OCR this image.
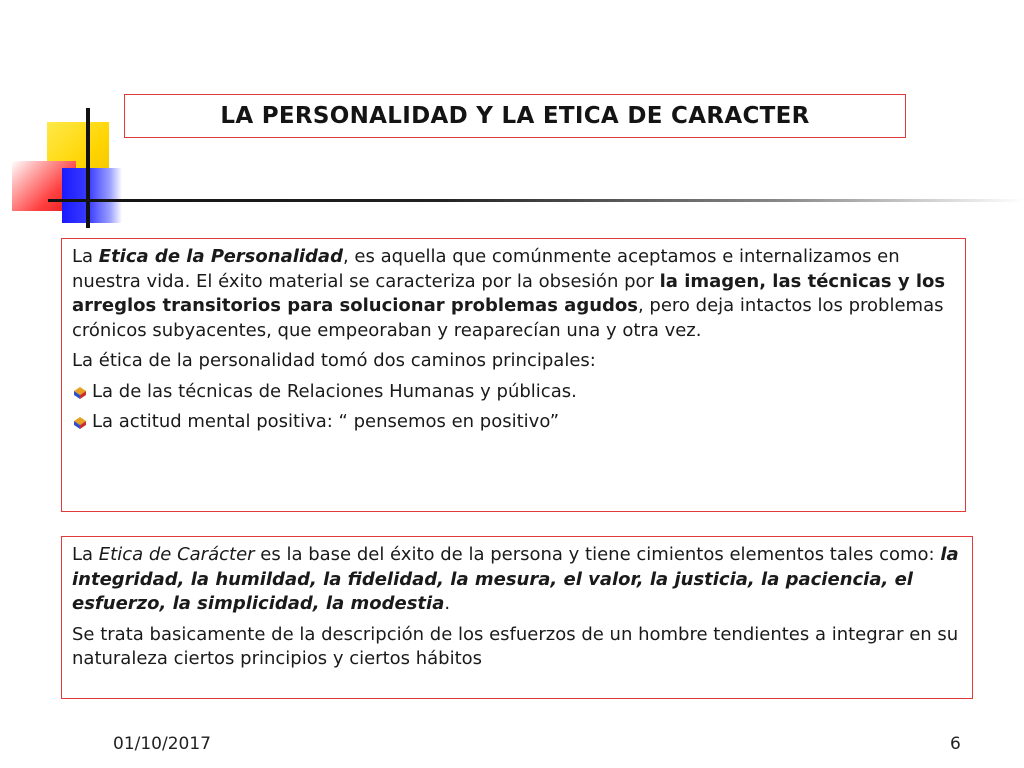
LA PERSONALIDAD Y LA ETICA DE CARACTER

La Etica de la Personalidad, es aquella que comúnmente aceptamos e internalizamos en nuestra vida. El éxito material se caracteriza por la obsesión por la imagen, las técnicas y los arreglos transitorios para solucionar problemas agudos, pero deja intactos los problemas crónicos subyacentes, que empeoraban y reaparecían una y otra vez.

La ética de la personalidad tomó dos caminos principales:

La de las técnicas de Relaciones Humanas y públicas.

La actitud mental positiva: “ pensemos en positivo”

La Etica de Carácter es la base del éxito de la persona y tiene cimientos elementos tales como: la integridad, la humildad, la fidelidad, la mesura, el valor, la justicia, la paciencia, el esfuerzo, la simplicidad, la modestia.

Se trata basicamente de la descripción de los esfuerzos de un hombre tendientes a integrar en su naturaleza ciertos principios y ciertos hábitos

01/10/2017	6
